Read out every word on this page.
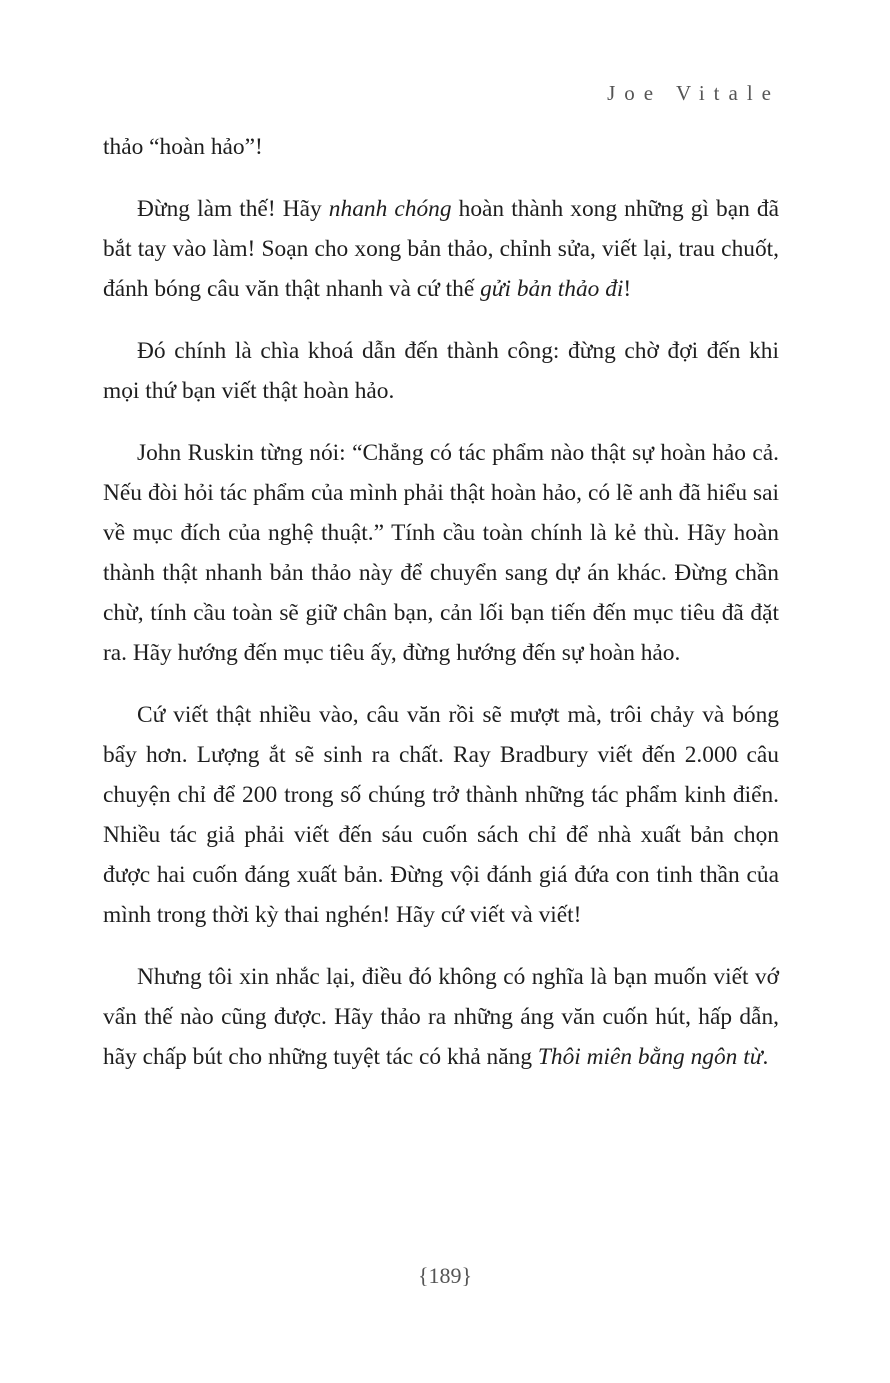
Joe Vitale

thảo “hoàn hảo”!

Đừng làm thế! Hãy nhanh chóng hoàn thành xong những gì bạn đã bắt tay vào làm! Soạn cho xong bản thảo, chỉnh sửa, viết lại, trau chuốt, đánh bóng câu văn thật nhanh và cứ thế gửi bản thảo đi!

Đó chính là chìa khoá dẫn đến thành công: đừng chờ đợi đến khi mọi thứ bạn viết thật hoàn hảo.

John Ruskin từng nói: “Chẳng có tác phẩm nào thật sự hoàn hảo cả. Nếu đòi hỏi tác phẩm của mình phải thật hoàn hảo, có lẽ anh đã hiểu sai về mục đích của nghệ thuật.” Tính cầu toàn chính là kẻ thù. Hãy hoàn thành thật nhanh bản thảo này để chuyển sang dự án khác. Đừng chần chừ, tính cầu toàn sẽ giữ chân bạn, cản lối bạn tiến đến mục tiêu đã đặt ra. Hãy hướng đến mục tiêu ấy, đừng hướng đến sự hoàn hảo.

Cứ viết thật nhiều vào, câu văn rồi sẽ mượt mà, trôi chảy và bóng bẩy hơn. Lượng ắt sẽ sinh ra chất. Ray Bradbury viết đến 2.000 câu chuyện chỉ để 200 trong số chúng trở thành những tác phẩm kinh điển. Nhiều tác giả phải viết đến sáu cuốn sách chỉ để nhà xuất bản chọn được hai cuốn đáng xuất bản. Đừng vội đánh giá đứa con tinh thần của mình trong thời kỳ thai nghén! Hãy cứ viết và viết!

Nhưng tôi xin nhắc lại, điều đó không có nghĩa là bạn muốn viết vớ vẩn thế nào cũng được. Hãy thảo ra những áng văn cuốn hút, hấp dẫn, hãy chấp bút cho những tuyệt tác có khả năng Thôi miên bằng ngôn từ.

{189}
